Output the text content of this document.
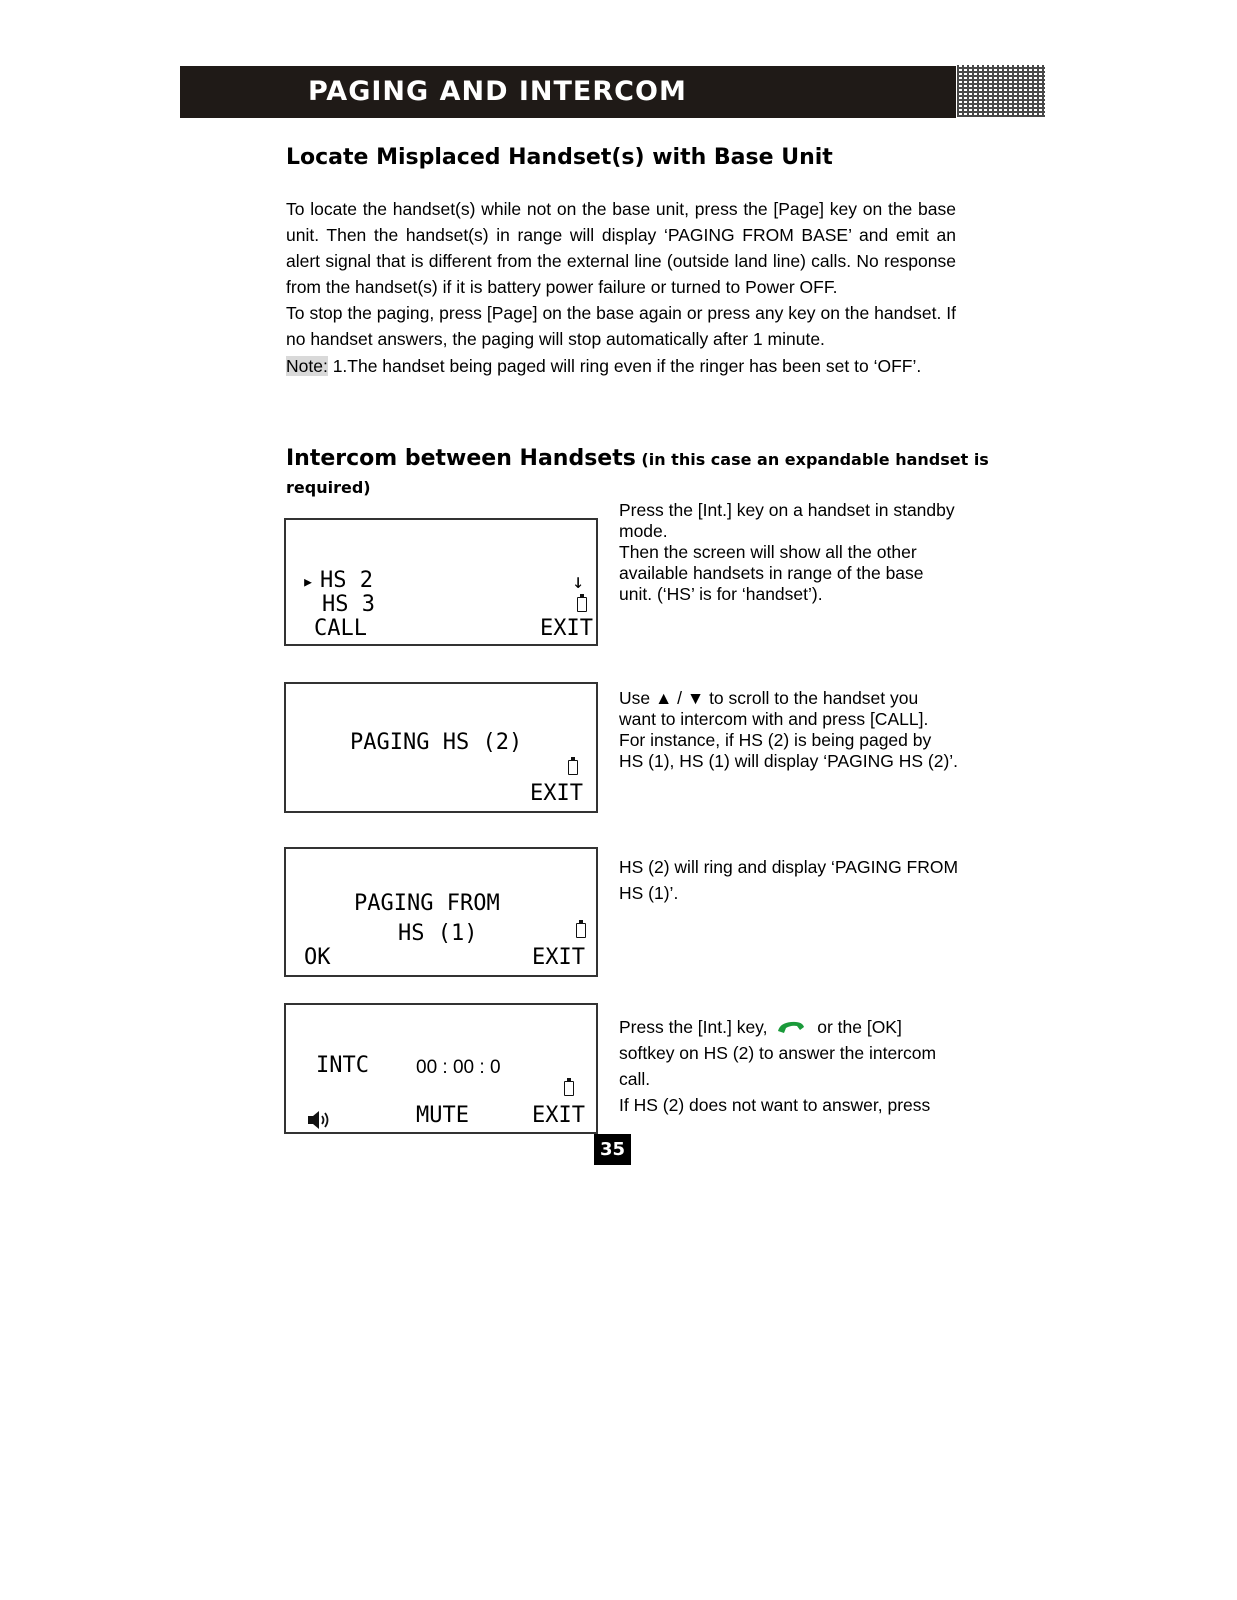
PAGING AND INTERCOM
Locate Misplaced Handset(s) with Base Unit

To locate the handset(s) while not on the base unit, press the [Page] key on the base unit. Then the handset(s) in range will display ‘PAGING FROM BASE’ and emit an alert signal that is different from the external line (outside land line) calls. No response from the handset(s) if it is battery power failure or turned to Power OFF.

To stop the paging, press [Page] on the base again or press any key on the handset. If no handset answers, the paging will stop automatically after 1 minute.

Note: 1.The handset being paged will ring even if the ringer has been set to ‘OFF’.

Intercom between Handsets (in this case an expandable handset is
required)
▸ HS 2
HS 3
↓
CALL	EXIT
Press the [Int.] key on a handset in standby mode.
Then the screen will show all the other available handsets in range of the base unit. (‘HS’ is for ‘handset’).
PAGING HS (2)
EXIT
Use ▲ / ▼ to scroll to the handset you want to intercom with and press [CALL]. For instance, if HS (2) is being paged by HS (1), HS (1) will display ‘PAGING HS (2)’.
PAGING FROM
HS (1)
OK	EXIT
HS (2) will ring and display ‘PAGING FROM HS (1)’.
INTC 00 : 00 : 0
MUTE	EXIT
Press the [Int.] key,  or the [OK] softkey on HS (2) to answer the intercom call.
If HS (2) does not want to answer, press
35
